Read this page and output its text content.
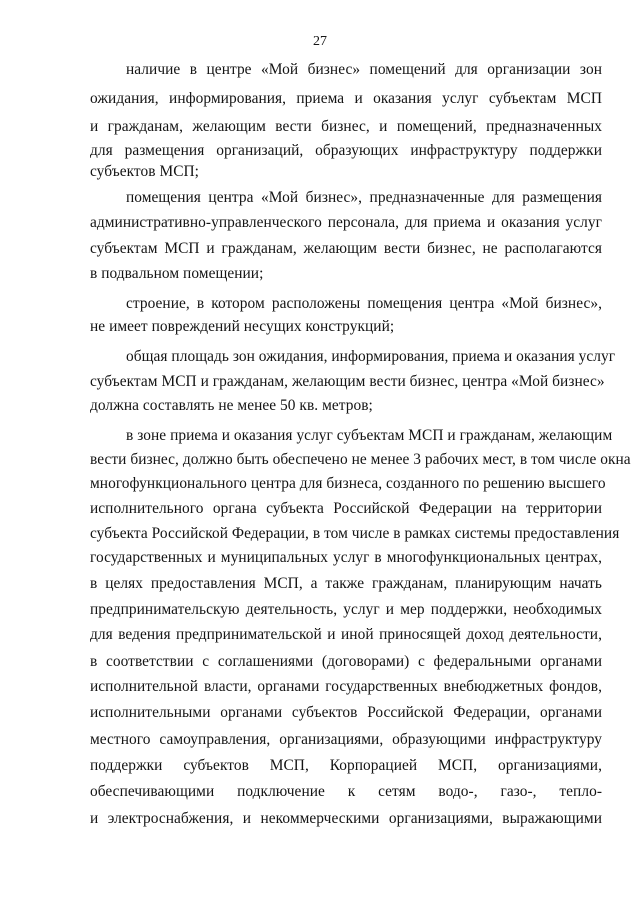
27
наличие в центре «Мой бизнес» помещений для организации зон
ожидания, информирования, приема и оказания услуг субъектам МСП
и гражданам, желающим вести бизнес, и помещений, предназначенных
для размещения организаций, образующих инфраструктуру поддержки
субъектов МСП;
помещения центра «Мой бизнес», предназначенные для размещения
административно-управленческого персонала, для приема и оказания услуг
субъектам МСП и гражданам, желающим вести бизнес, не располагаются
в подвальном помещении;
строение, в котором расположены помещения центра «Мой бизнес»,
не имеет повреждений несущих конструкций;
общая площадь зон ожидания, информирования, приема и оказания услуг
субъектам МСП и гражданам, желающим вести бизнес, центра «Мой бизнес»
должна составлять не менее 50 кв. метров;
в зоне приема и оказания услуг субъектам МСП и гражданам, желающим
вести бизнес, должно быть обеспечено не менее 3 рабочих мест, в том числе окна
многофункционального центра для бизнеса, созданного по решению высшего
исполнительного органа субъекта Российской Федерации на территории
субъекта Российской Федерации, в том числе в рамках системы предоставления
государственных и муниципальных услуг в многофункциональных центрах,
в целях предоставления МСП, а также гражданам, планирующим начать
предпринимательскую деятельность, услуг и мер поддержки, необходимых
для ведения предпринимательской и иной приносящей доход деятельности,
в соответствии с соглашениями (договорами) с федеральными органами
исполнительной власти, органами государственных внебюджетных фондов,
исполнительными органами субъектов Российской Федерации, органами
местного самоуправления, организациями, образующими инфраструктуру
поддержки субъектов МСП, Корпорацией МСП, организациями,
обеспечивающими подключение к сетям водо-, газо-, тепло-
и электроснабжения, и некоммерческими организациями, выражающими
